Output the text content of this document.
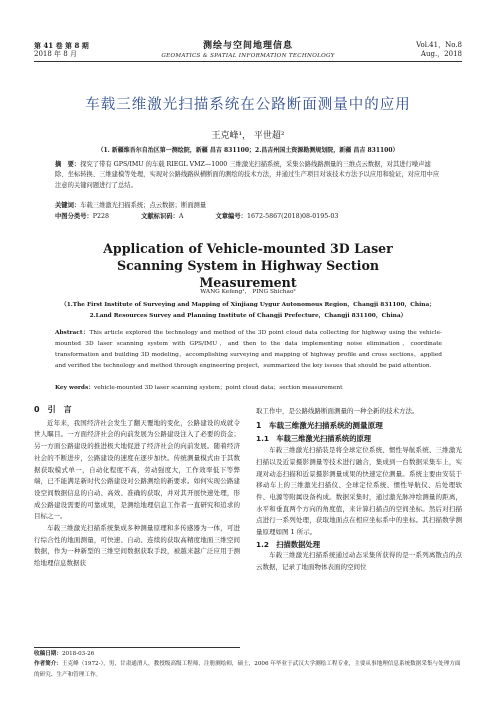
第 41 卷 第 8 期
2018 年 8 月
测绘与空间地理信息
GEOMATICS & SPATIAL INFORMATION TECHNOLOGY
Vol.41，No.8
Aug.，2018
车载三维激光扫描系统在公路断面测量中的应用
王克峰¹， 平世超²
（1. 新疆维吾尔自治区第一测绘院，新疆 昌吉 831100；2.昌吉州国土资源勘测规划院，新疆 昌吉 831100）
摘　要：探究了带有 GPS/IMU 的车载 RIEGL VMZ—1000 三维激光扫描系统，采集公路线路测量的三维点云数据，对其进行噪声滤除、坐标转换、三维建模等处理，实现对公路线路纵横断面的测绘的技术方法，并通过生产项目对该技术方法予以应用和验证，对应用中应注意的关键问题进行了总结。
关键词：车载三维激光扫描系统；点云数据；断面测量
中图分类号：P228	文献标识码：A	文章编号：1672-5867(2018)08-0195-03
Application of Vehicle-mounted 3D Laser Scanning System in Highway Section Measurement
WANG Kefeng¹， PING Shichao²
（1.The First Institute of Surveying and Mapping of Xinjiang Uygur Autonomous Region，Changji 831100，China；
2.Land Resources Survey and Planning Institute of Changji Prefecture，Changji 831100，China）
Abstract：This article explored the technology and method of the 3D point cloud data collecting for highway using the vehicle-mounted 3D laser scanning system with GPS/IMU，and then to the data implementing noise elimination，coordinate transformation and building 3D modeling，accomplishing surveying and mapping of highway profile and cross sections，applied and verified the technology and method through engineering project，summarized the key issues that should be paid attention.
Key words：vehicle-mounted 3D laser scanning system；point cloud data；section measurement
0　引　言

近年来，我国经济社会发生了翻天覆地的变化，公路建设的成就令世人瞩目。一方面经济社会的向前发展为公路建设注入了必要的资金；另一方面公路建设的推进极大地促进了经济社会的向前发展。随着经济社会的不断进步，公路建设的速度在逐步加快。传统测量模式由于其数据获取模式单一，自动化程度不高，劳动强度大，工作效率低下等弊端，已不能满足新时代公路建设对公路测绘的新要求。如何实现公路建设空间数据信息的自动、高效、准确的获取，并对其开展快速处理，形成公路建设需要的可靠成果，是测绘地理信息工作者一直研究和追求的目标之一。

车载三维激光扫描系统集成多种测量原理和多传感器为一体，可进行综合性的地面测量，可快速、自动、连续的获取高精度地面三维空间数据，作为一种新型的三维空间数据获取手段，被越来越广泛应用于测绘地理信息数据获

取工作中，是公路线路断面测量的一种全新的技术方法。

1　车载三维激光扫描系统的测量原理
1.1　车载三维激光扫描系统的原理

车载三维激光扫描装是将全球定位系统、惯性导航系统、三维激光扫描以及近景摄影测量等技术进行融合，集成到一台数据采集车上，实现对动态扫描和近景摄影测量成果的快速定位测量。系统主要由安装于移动车上的三维激光扫描仪、全球定位系统、惯性导航仪、后处理软件、电源等附属设备构成。数据采集时，通过激光脉冲绘测量的距离，水平和垂直两个方向的角度值，来计算扫描点的空间坐标。然后对扫描点进行一系列处理，获取地面点在相应坐标系中的坐标。其扫描数学测量原理如图 1 所示。

1.2　扫描数据处理

车载三维激光扫描系统通过动态采集所获得的是一系列离散点的点云数据，记录了地面物体表面的空间位

收稿日期：2018-03-26
作者简介：王克峰（1972-），男，甘肃通渭人，教授级高级工程师，注册测绘师，硕士，2006 年毕业于武汉大学测绘工程专业，主要从事地理信息系统数据采集与处理方面的研究、生产和管理工作。
